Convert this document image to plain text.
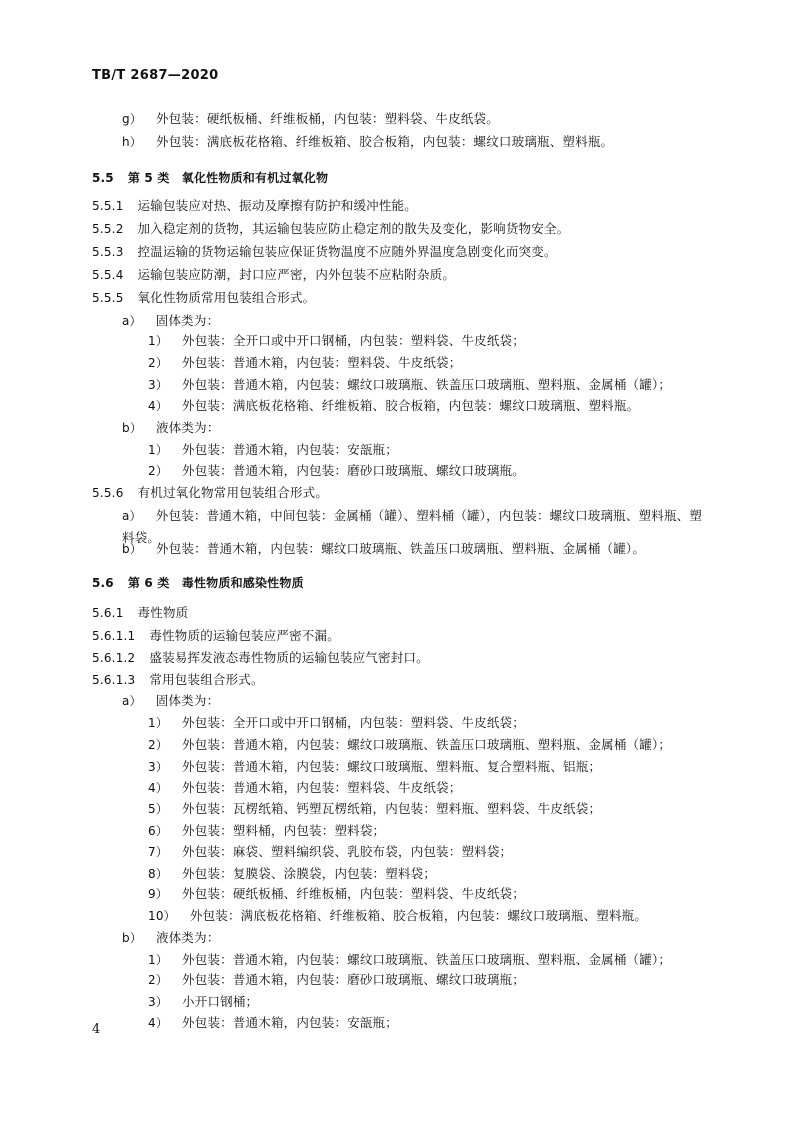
TB/T 2687—2020
g） 外包装：硬纸板桶、纤维板桶，内包装：塑料袋、牛皮纸袋。
h） 外包装：满底板花格箱、纤维板箱、胶合板箱，内包装：螺纹口玻璃瓶、塑料瓶。
5.5 第 5 类　氧化性物质和有机过氧化物
5.5.1 运输包装应对热、振动及摩擦有防护和缓冲性能。
5.5.2 加入稳定剂的货物，其运输包装应防止稳定剂的散失及变化，影响货物安全。
5.5.3 控温运输的货物运输包装应保证货物温度不应随外界温度急剧变化而突变。
5.5.4 运输包装应防潮，封口应严密，内外包装不应粘附杂质。
5.5.5 氧化性物质常用包装组合形式。
a） 固体类为：
1） 外包装：全开口或中开口钢桶，内包装：塑料袋、牛皮纸袋；
2） 外包装：普通木箱，内包装：塑料袋、牛皮纸袋；
3） 外包装：普通木箱，内包装：螺纹口玻璃瓶、铁盖压口玻璃瓶、塑料瓶、金属桶（罐）；
4） 外包装：满底板花格箱、纤维板箱、胶合板箱，内包装：螺纹口玻璃瓶、塑料瓶。
b） 液体类为：
1） 外包装：普通木箱，内包装：安瓿瓶；
2） 外包装：普通木箱，内包装：磨砂口玻璃瓶、螺纹口玻璃瓶。
5.5.6 有机过氧化物常用包装组合形式。
a） 外包装：普通木箱，中间包装：金属桶（罐）、塑料桶（罐），内包装：螺纹口玻璃瓶、塑料瓶、塑料袋。
b） 外包装：普通木箱，内包装：螺纹口玻璃瓶、铁盖压口玻璃瓶、塑料瓶、金属桶（罐）。
5.6 第 6 类　毒性物质和感染性物质
5.6.1 毒性物质
5.6.1.1 毒性物质的运输包装应严密不漏。
5.6.1.2 盛装易挥发液态毒性物质的运输包装应气密封口。
5.6.1.3 常用包装组合形式。
a） 固体类为：
1） 外包装：全开口或中开口钢桶，内包装：塑料袋、牛皮纸袋；
2） 外包装：普通木箱，内包装：螺纹口玻璃瓶、铁盖压口玻璃瓶、塑料瓶、金属桶（罐）；
3） 外包装：普通木箱，内包装：螺纹口玻璃瓶、塑料瓶、复合塑料瓶、铝瓶；
4） 外包装：普通木箱，内包装：塑料袋、牛皮纸袋；
5） 外包装：瓦楞纸箱、钙塑瓦楞纸箱，内包装：塑料瓶、塑料袋、牛皮纸袋；
6） 外包装：塑料桶，内包装：塑料袋；
7） 外包装：麻袋、塑料编织袋、乳胶布袋，内包装：塑料袋；
8） 外包装：复膜袋、涂膜袋，内包装：塑料袋；
9） 外包装：硬纸板桶、纤维板桶，内包装：塑料袋、牛皮纸袋；
10） 外包装：满底板花格箱、纤维板箱、胶合板箱，内包装：螺纹口玻璃瓶、塑料瓶。
b） 液体类为：
1） 外包装：普通木箱，内包装：螺纹口玻璃瓶、铁盖压口玻璃瓶、塑料瓶、金属桶（罐）；
2） 外包装：普通木箱，内包装：磨砂口玻璃瓶、螺纹口玻璃瓶；
3） 小开口钢桶；
4） 外包装：普通木箱，内包装：安瓿瓶；
4
